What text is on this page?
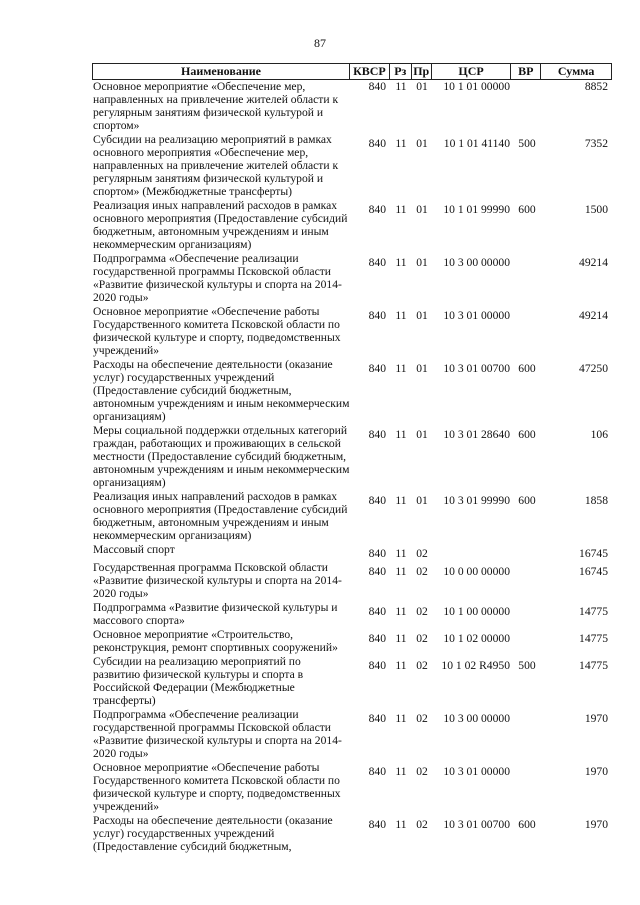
87
Наименование	КВСР Рз Пр	ЦСР	ВР	Сумма
Основное мероприятие «Обеспечение мер, направленных на привлечение жителей области к регулярным занятиям физической культурой и спортом»
840 11 01	10 1 01 00000	8852
Субсидии на реализацию мероприятий в рамках основного мероприятия «Обеспечение мер, направленных на привлечение жителей области к регулярным занятиям физической культурой и спортом» (Межбюджетные трансферты)
840 11 01	10 1 01 41140 500	7352
Реализация иных направлений расходов в рамках основного мероприятия (Предоставление субсидий бюджетным, автономным учреждениям и иным некоммерческим организациям)
840 11 01	10 1 01 99990 600	1500
Подпрограмма «Обеспечение реализации государственной программы Псковской области «Развитие физической культуры и спорта на 2014-2020 годы»
840 11 01	10 3 00 00000	49214
Основное мероприятие «Обеспечение работы Государственного комитета Псковской области по физической культуре и спорту, подведомственных учреждений»
840 11 01	10 3 01 00000	49214
Расходы на обеспечение деятельности (оказание услуг) государственных учреждений (Предоставление субсидий бюджетным, автономным учреждениям и иным некоммерческим организациям)
840 11 01	10 3 01 00700 600	47250
Меры социальной поддержки отдельных категорий граждан, работающих и проживающих в сельской местности (Предоставление субсидий бюджетным, автономным учреждениям и иным некоммерческим организациям)
840 11 01	10 3 01 28640 600	106
Реализация иных направлений расходов в рамках основного мероприятия (Предоставление субсидий бюджетным, автономным учреждениям и иным некоммерческим организациям)
840 11 01	10 3 01 99990 600	1858
Массовый спорт	840 11 02	16745
Государственная программа Псковской области «Развитие физической культуры и спорта на 2014-2020 годы»
840 11 02	10 0 00 00000	16745
Подпрограмма «Развитие физической культуры и массового спорта»
840 11 02	10 1 00 00000	14775
Основное мероприятие «Строительство, реконструкция, ремонт спортивных сооружений»
840 11 02	10 1 02 00000	14775
Субсидии на реализацию мероприятий по развитию физической культуры и спорта в Российской Федерации (Межбюджетные трансферты)
840 11 02	10 1 02 R4950 500	14775
Подпрограмма «Обеспечение реализации государственной программы Псковской области «Развитие физической культуры и спорта на 2014-2020 годы»
840 11 02	10 3 00 00000	1970
Основное мероприятие «Обеспечение работы Государственного комитета Псковской области по физической культуре и спорту, подведомственных учреждений»
840 11 02	10 3 01 00000	1970
Расходы на обеспечение деятельности (оказание услуг) государственных учреждений (Предоставление субсидий бюджетным,
840 11 02	10 3 01 00700 600	1970
